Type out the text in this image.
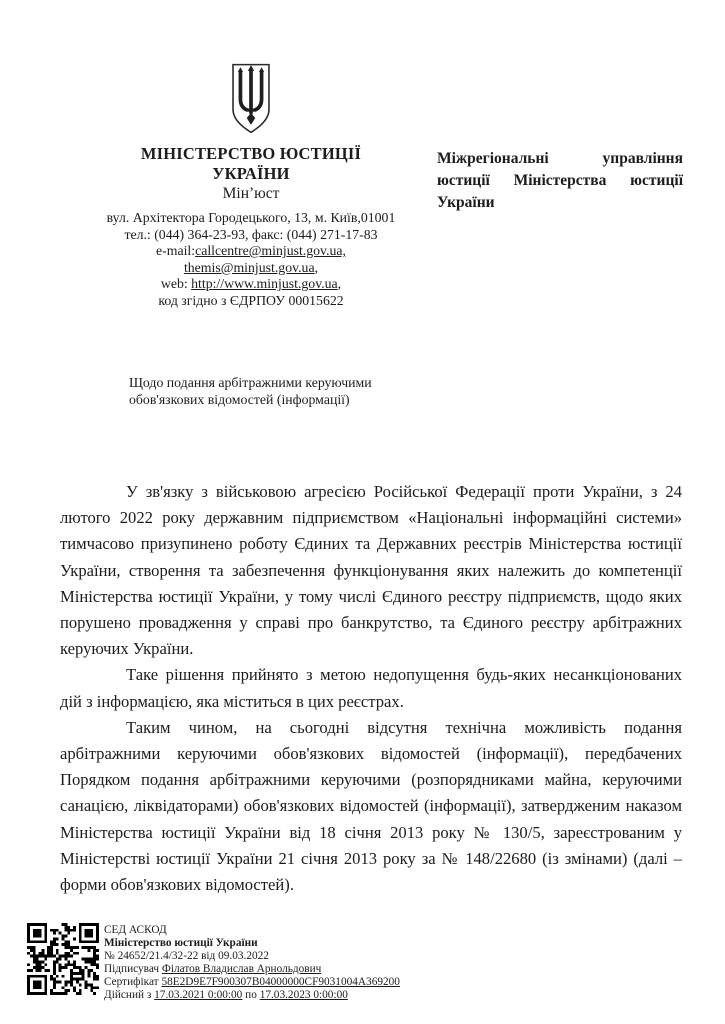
МІНІСТЕРСТВО ЮСТИЦІЇ
УКРАЇНИ
Мін’юст
вул. Архітектора Городецького, 13, м. Київ,01001
тел.: (044) 364-23-93, факс: (044) 271-17-83
e-mail:callcentre@minjust.gov.ua,
themis@minjust.gov.ua,
web: http://www.minjust.gov.ua,
код згідно з ЄДРПОУ 00015622
Міжрегіональні управління юстиції Міністерства юстиції України
Щодо подання арбітражними керуючими
обов'язкових відомостей (інформації)

У зв'язку з військовою агресією Російської Федерації проти України, з 24 лютого 2022 року державним підприємством «Національні інформаційні системи» тимчасово призупинено роботу Єдиних та Державних реєстрів Міністерства юстиції України, створення та забезпечення функціонування яких належить до компетенції Міністерства юстиції України, у тому числі Єдиного реєстру підприємств, щодо яких порушено провадження у справі про банкрутство, та Єдиного реєстру арбітражних керуючих України.

Таке рішення прийнято з метою недопущення будь-яких несанкціонованих дій з інформацією, яка міститься в цих реєстрах.

Таким чином, на сьогодні відсутня технічна можливість подання арбітражними керуючими обов'язкових відомостей (інформації), передбачених Порядком подання арбітражними керуючими (розпорядниками майна, керуючими санацією, ліквідаторами) обов'язкових відомостей (інформації), затвердженим наказом Міністерства юстиції України від 18 січня 2013 року № 130/5, зареєстрованим у Міністерстві юстиції України 21 січня 2013 року за № 148/22680 (із змінами) (далі – форми обов'язкових відомостей).

СЕД АСКОД
Міністерство юстиції України
№ 24652/21.4/32-22 від 09.03.2022
Підписувач Філатов Владислав Арнольдович
Сертифікат 58E2D9E7F900307B04000000CF9031004A369200
Дійсний з 17.03.2021 0:00:00 по 17.03.2023 0:00:00
